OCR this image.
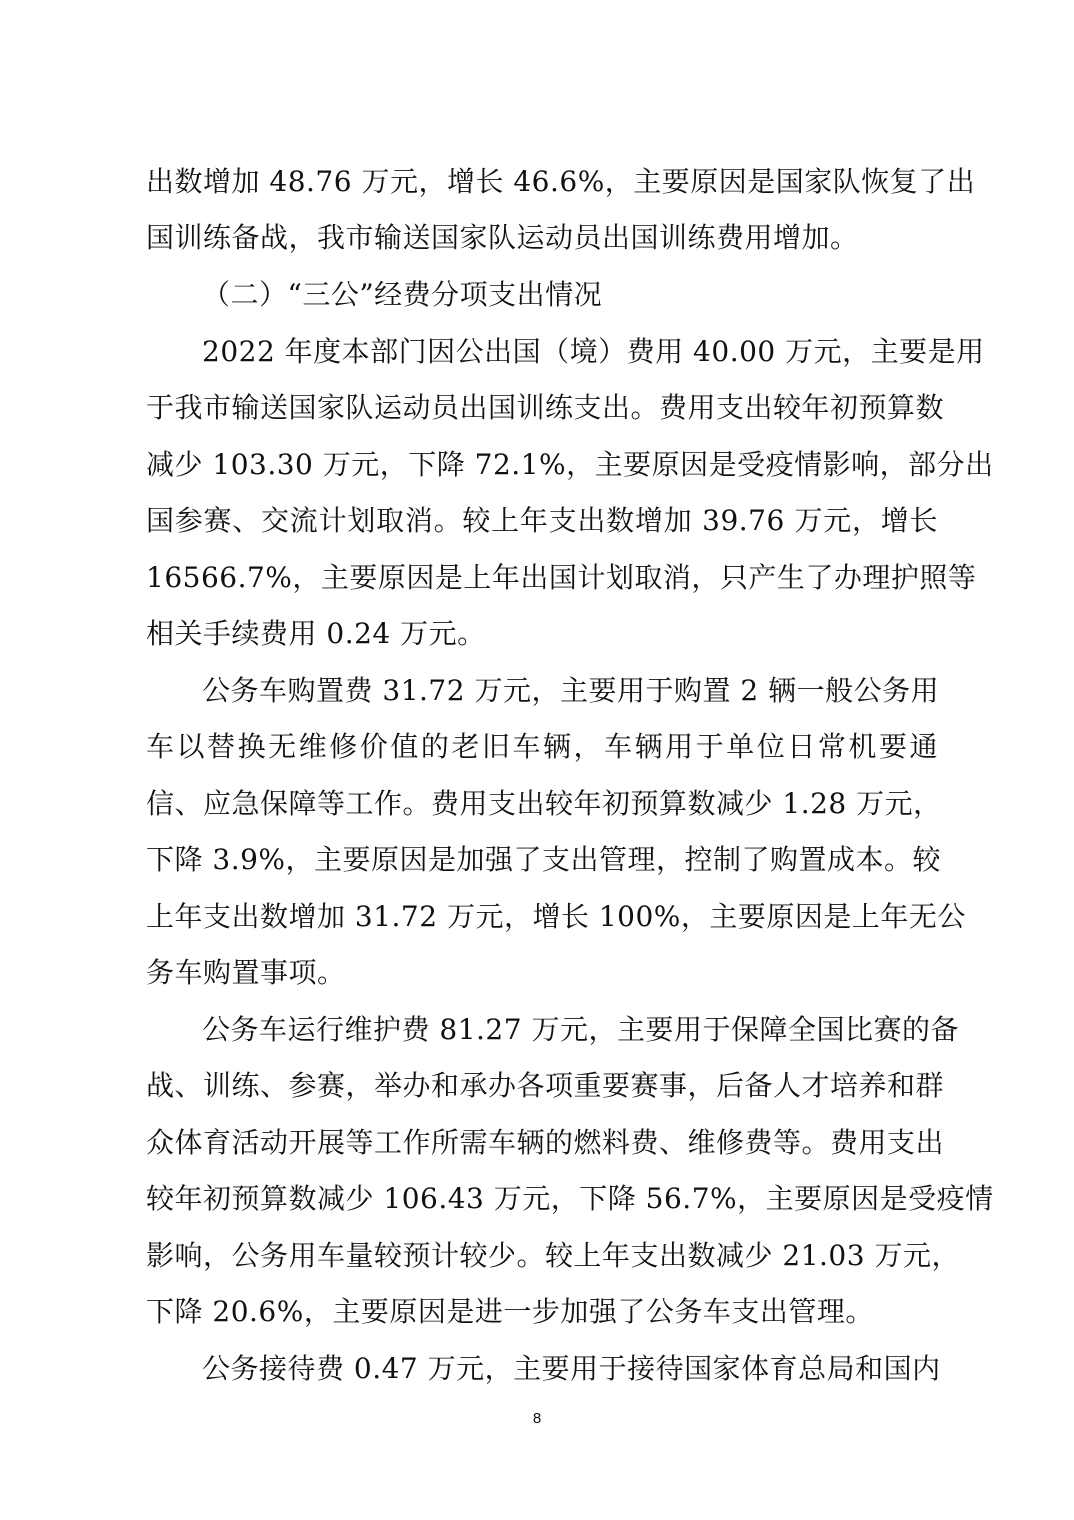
出数增加 48.76 万元，增长 46.6%，主要原因是国家队恢复了出
国训练备战，我市输送国家队运动员出国训练费用增加。
（二）“三公”经费分项支出情况
2022 年度本部门因公出国（境）费用 40.00 万元，主要是用
于我市输送国家队运动员出国训练支出。费用支出较年初预算数
减少 103.30 万元，下降 72.1%，主要原因是受疫情影响，部分出
国参赛、交流计划取消。较上年支出数增加 39.76 万元，增长
16566.7%，主要原因是上年出国计划取消，只产生了办理护照等
相关手续费用 0.24 万元。
公务车购置费 31.72 万元，主要用于购置 2 辆一般公务用
车以替换无维修价值的老旧车辆，车辆用于单位日常机要通
信、应急保障等工作。费用支出较年初预算数减少 1.28 万元，
下降 3.9%，主要原因是加强了支出管理，控制了购置成本。较
上年支出数增加 31.72 万元，增长 100%，主要原因是上年无公
务车购置事项。
公务车运行维护费 81.27 万元，主要用于保障全国比赛的备
战、训练、参赛，举办和承办各项重要赛事，后备人才培养和群
众体育活动开展等工作所需车辆的燃料费、维修费等。费用支出
较年初预算数减少 106.43 万元，下降 56.7%，主要原因是受疫情
影响，公务用车量较预计较少。较上年支出数减少 21.03 万元，
下降 20.6%，主要原因是进一步加强了公务车支出管理。
公务接待费 0.47 万元，主要用于接待国家体育总局和国内
8
